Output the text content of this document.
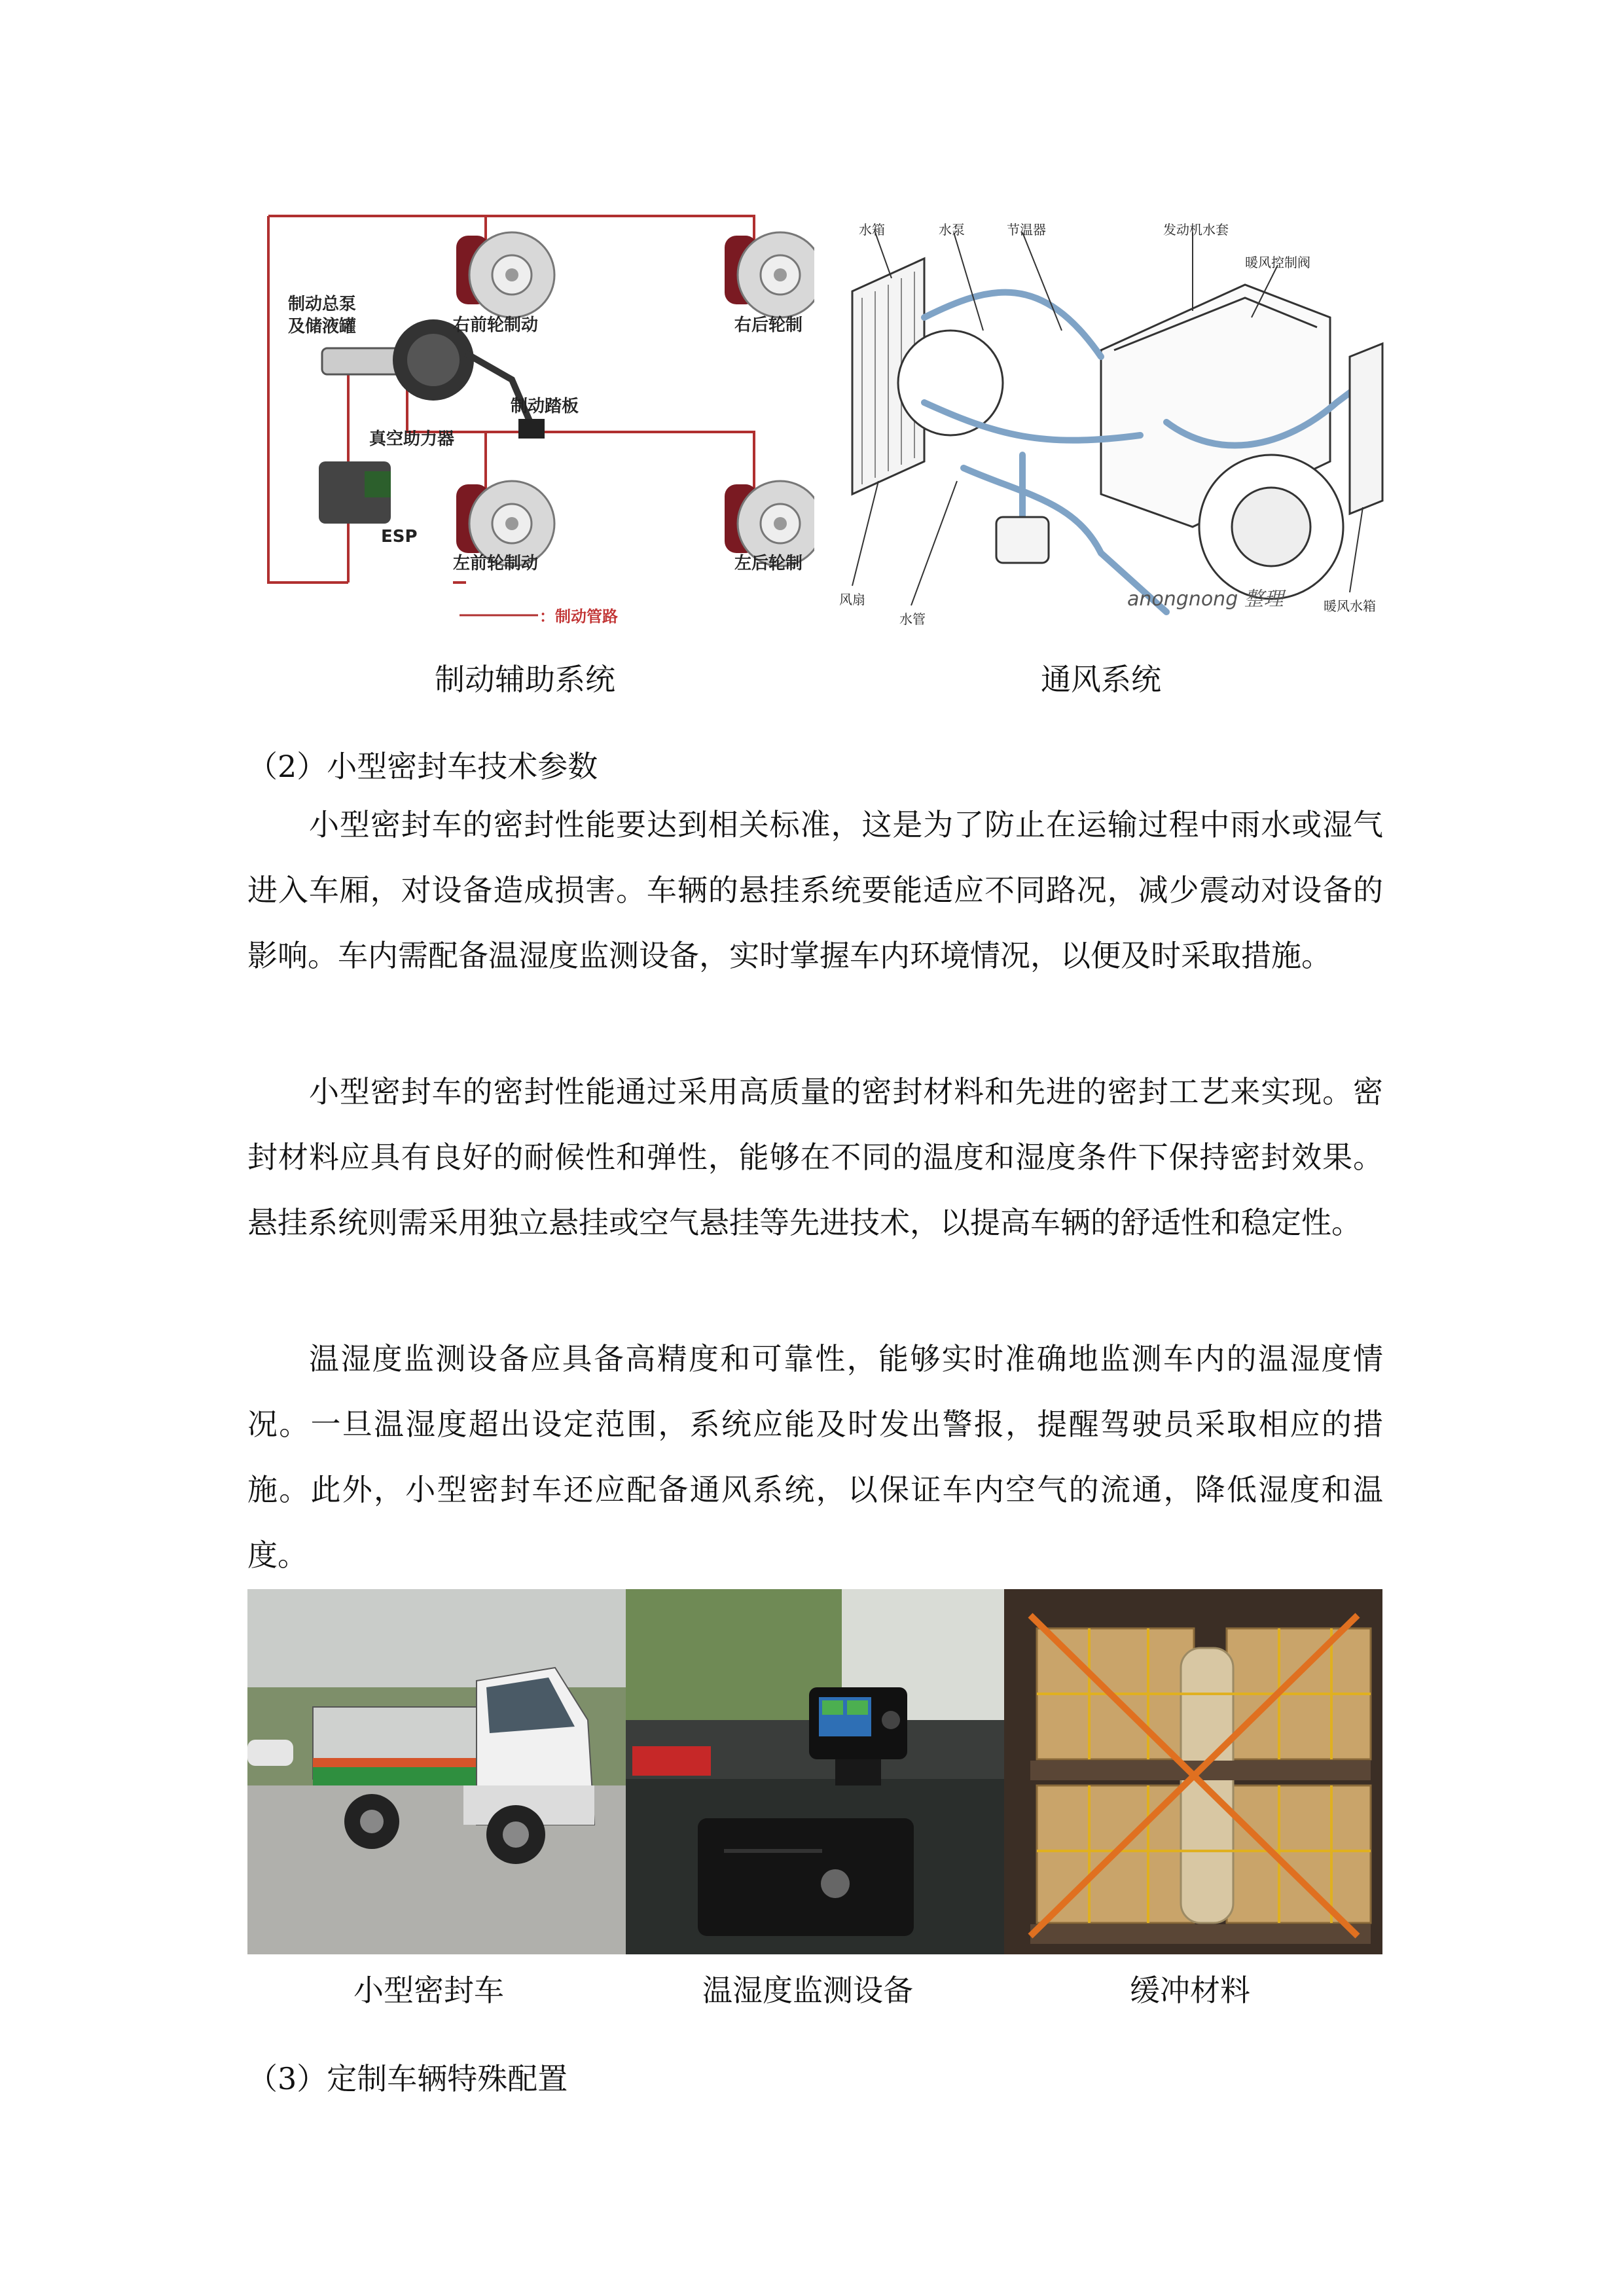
制动总泵
及储液罐	右前轮制动	右后轮制
制动踏板
真空助力器
ESP
左前轮制动	左后轮制
：制动管路
制动辅助系统
水箱	水泵	节温器	发动机水套
暖风控制阀
风扇
水管
暖风水箱
anongnong 整理
通风系统
（2）小型密封车技术参数
小型密封车的密封性能要达到相关标准，这是为了防止在运输过程中雨水或湿气进入车厢，对设备造成损害。车辆的悬挂系统要能适应不同路况，减少震动对设备的影响。车内需配备温湿度监测设备，实时掌握车内环境情况，以便及时采取措施。
小型密封车的密封性能通过采用高质量的密封材料和先进的密封工艺来实现。密封材料应具有良好的耐候性和弹性，能够在不同的温度和湿度条件下保持密封效果。悬挂系统则需采用独立悬挂或空气悬挂等先进技术，以提高车辆的舒适性和稳定性。
温湿度监测设备应具备高精度和可靠性，能够实时准确地监测车内的温湿度情况。一旦温湿度超出设定范围，系统应能及时发出警报，提醒驾驶员采取相应的措施。此外，小型密封车还应配备通风系统，以保证车内空气的流通，降低湿度和温度。
小型密封车	温湿度监测设备	缓冲材料
（3）定制车辆特殊配置
